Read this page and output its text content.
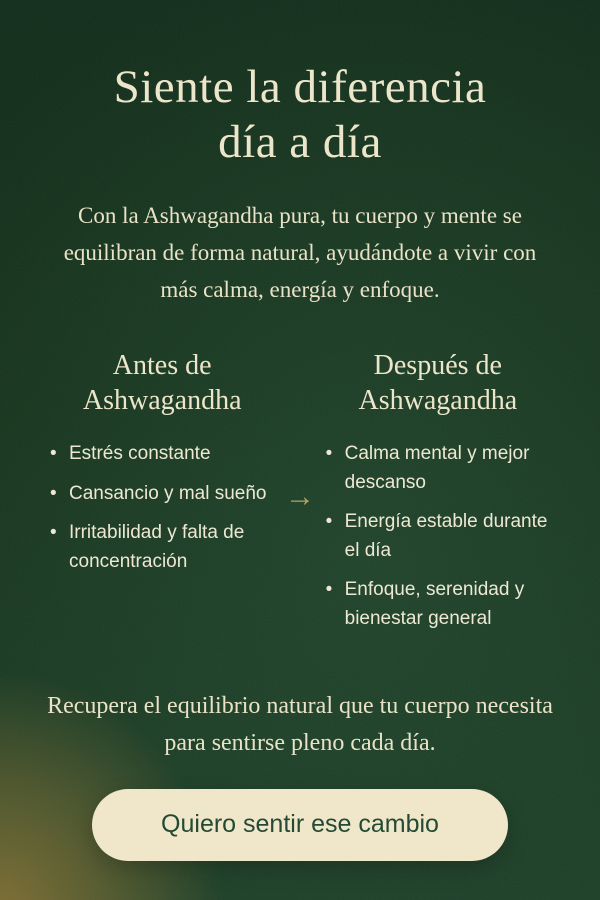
Siente la diferencia
día a día

Con la Ashwagandha pura, tu cuerpo y mente se equilibran de forma natural, ayudándote a vivir con más calma, energía y enfoque.

Antes de
Ashwagandha
• Estrés constante
• Cansancio y mal sueño
• Irritabilidad y falta de concentración
→
Después de
Ashwagandha
• Calma mental y mejor descanso
• Energía estable durante el día
• Enfoque, serenidad y bienestar general

Recupera el equilibrio natural que tu cuerpo necesita para sentirse pleno cada día.

Quiero sentir ese cambio
